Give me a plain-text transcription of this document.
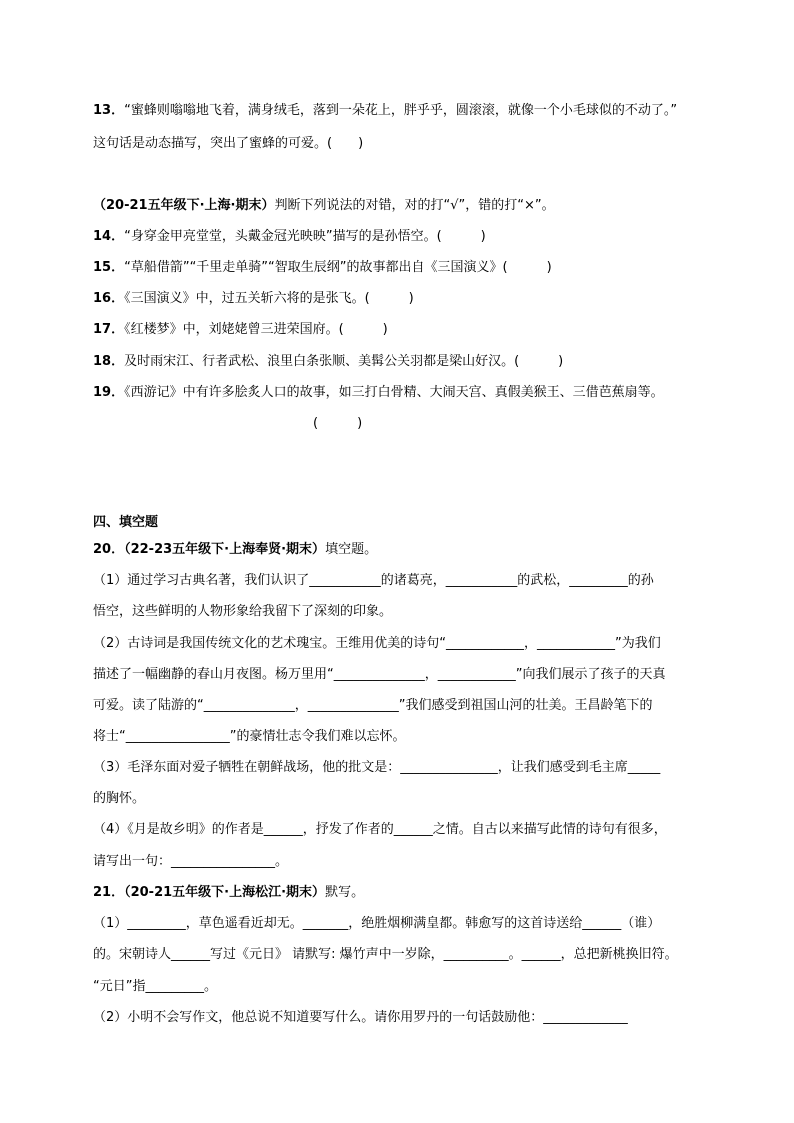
13．“蜜蜂则嗡嗡地飞着，满身绒毛，落到一朵花上，胖乎乎，圆滚滚，就像一个小毛球似的不动了。”
这句话是动态描写，突出了蜜蜂的可爱。(　　)
（20-21五年级下·上海·期末）判断下列说法的对错，对的打“√”，错的打“×”。
14．“身穿金甲亮堂堂，头戴金冠光映映”描写的是孙悟空。(　　　)
15．“草船借箭”“千里走单骑”“智取生辰纲”的故事都出自《三国演义》(　　　)
16．《三国演义》中，过五关斩六将的是张飞。(　　　)
17．《红楼梦》中，刘姥姥曾三进荣国府。(　　　)
18．及时雨宋江、行者武松、浪里白条张顺、美髯公关羽都是梁山好汉。(　　　)
19．《西游记》中有许多脍炙人口的故事，如三打白骨精、大闹天宫、真假美猴王、三借芭蕉扇等。
(　　　)
四、填空题
20．（22-23五年级下·上海奉贤·期末）填空题。
（1）通过学习古典名著，我们认识了___________的诸葛亮，___________的武松，_________的孙
悟空，这些鲜明的人物形象给我留下了深刻的印象。
（2）古诗词是我国传统文化的艺术瑰宝。王维用优美的诗句“____________，____________”为我们
描述了一幅幽静的春山月夜图。杨万里用“______________，____________”向我们展示了孩子的天真
可爱。读了陆游的“______________，______________”我们感受到祖国山河的壮美。王昌龄笔下的
将士“________________”的豪情壮志令我们难以忘怀。
（3）毛泽东面对爱子牺牲在朝鲜战场，他的批文是：_______________，让我们感受到毛主席_____
的胸怀。
（4）《月是故乡明》的作者是______，抒发了作者的______之情。自古以来描写此情的诗句有很多，
请写出一句：________________。
21．（20-21五年级下·上海松江·期末）默写。
（1）_________，草色遥看近却无。_______，绝胜烟柳满皇都。韩愈写的这首诗送给______（谁）
的。宋朝诗人______写过《元日》 请默写: 爆竹声中一岁除，__________。______，总把新桃换旧符。
“元日”指_________。
（2）小明不会写作文，他总说不知道要写什么。请你用罗丹的一句话鼓励他：_____________
